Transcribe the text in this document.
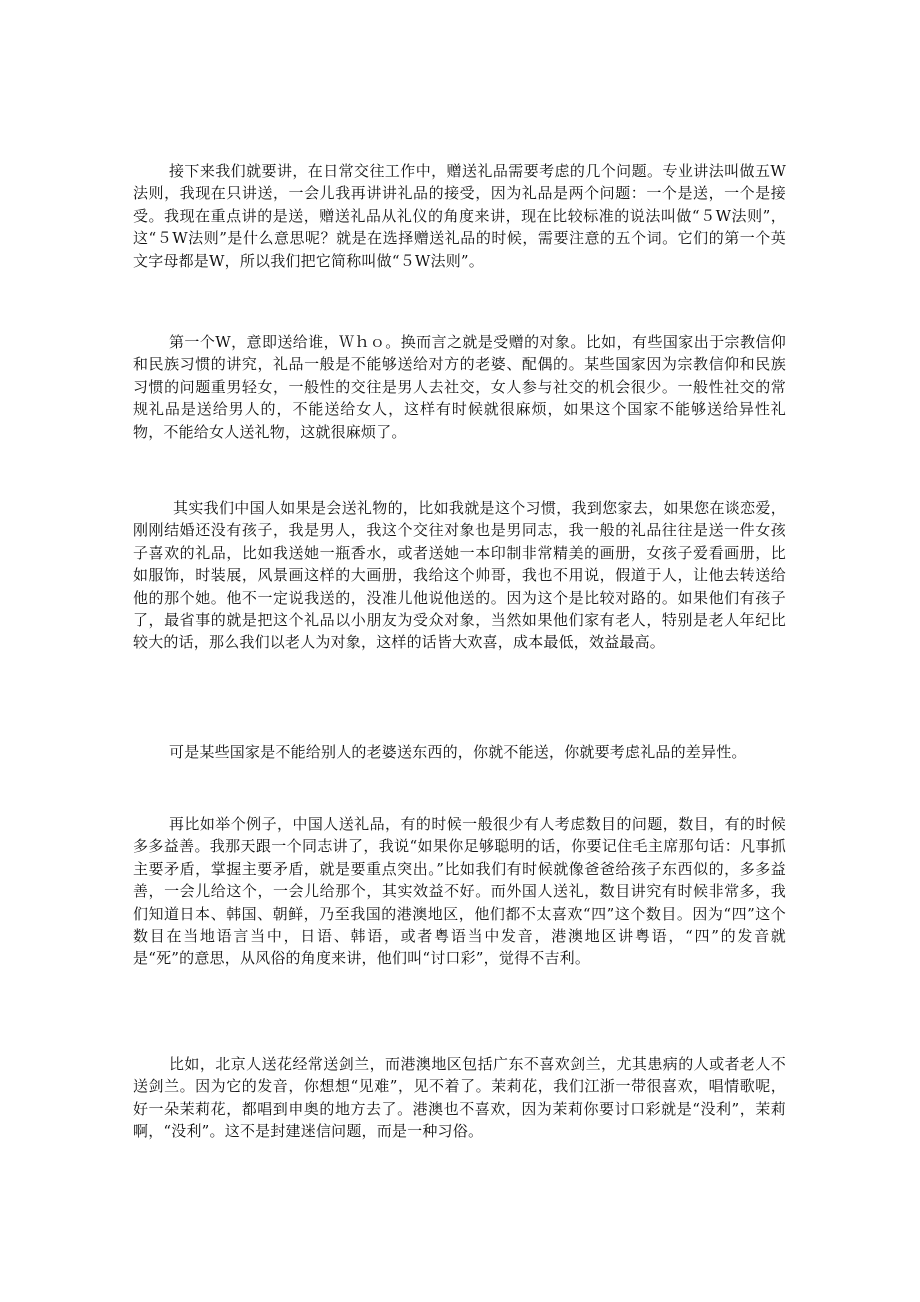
接下来我们就要讲，在日常交往工作中，赠送礼品需要考虑的几个问题。专业讲法叫做五W法则，我现在只讲送，一会儿我再讲讲礼品的接受，因为礼品是两个问题：一个是送，一个是接受。我现在重点讲的是送，赠送礼品从礼仪的角度来讲，现在比较标准的说法叫做“５W法则”，这“５W法则”是什么意思呢？就是在选择赠送礼品的时候，需要注意的五个词。它们的第一个英文字母都是W，所以我们把它简称叫做“５W法则”。

第一个W，意即送给谁，Ｗｈｏ。换而言之就是受赠的对象。比如，有些国家出于宗教信仰和民族习惯的讲究，礼品一般是不能够送给对方的老婆、配偶的。某些国家因为宗教信仰和民族习惯的问题重男轻女，一般性的交往是男人去社交，女人参与社交的机会很少。一般性社交的常规礼品是送给男人的，不能送给女人，这样有时候就很麻烦，如果这个国家不能够送给异性礼物，不能给女人送礼物，这就很麻烦了。

其实我们中国人如果是会送礼物的，比如我就是这个习惯，我到您家去，如果您在谈恋爱，刚刚结婚还没有孩子，我是男人，我这个交往对象也是男同志，我一般的礼品往往是送一件女孩子喜欢的礼品，比如我送她一瓶香水，或者送她一本印制非常精美的画册，女孩子爱看画册，比如服饰，时装展，风景画这样的大画册，我给这个帅哥，我也不用说，假道于人，让他去转送给他的那个她。他不一定说我送的，没准儿他说他送的。因为这个是比较对路的。如果他们有孩子了，最省事的就是把这个礼品以小朋友为受众对象，当然如果他们家有老人，特别是老人年纪比较大的话，那么我们以老人为对象，这样的话皆大欢喜，成本最低，效益最高。

可是某些国家是不能给别人的老婆送东西的，你就不能送，你就要考虑礼品的差异性。

再比如举个例子，中国人送礼品，有的时候一般很少有人考虑数目的问题，数目，有的时候多多益善。我那天跟一个同志讲了，我说“如果你足够聪明的话，你要记住毛主席那句话：凡事抓主要矛盾，掌握主要矛盾，就是要重点突出。”比如我们有时候就像爸爸给孩子东西似的，多多益善，一会儿给这个，一会儿给那个，其实效益不好。而外国人送礼，数目讲究有时候非常多，我们知道日本、韩国、朝鲜，乃至我国的港澳地区，他们都不太喜欢“四”这个数目。因为“四”这个数目在当地语言当中，日语、韩语，或者粤语当中发音，港澳地区讲粤语，“四”的发音就是“死”的意思，从风俗的角度来讲，他们叫“讨口彩”，觉得不吉利。

比如，北京人送花经常送剑兰，而港澳地区包括广东不喜欢剑兰，尤其患病的人或者老人不送剑兰。因为它的发音，你想想“见难”，见不着了。茉莉花，我们江浙一带很喜欢，唱情歌呢，好一朵茉莉花，都唱到申奥的地方去了。港澳也不喜欢，因为茉莉你要讨口彩就是“没利”，茉莉啊，“没利”。这不是封建迷信问题，而是一种习俗。
